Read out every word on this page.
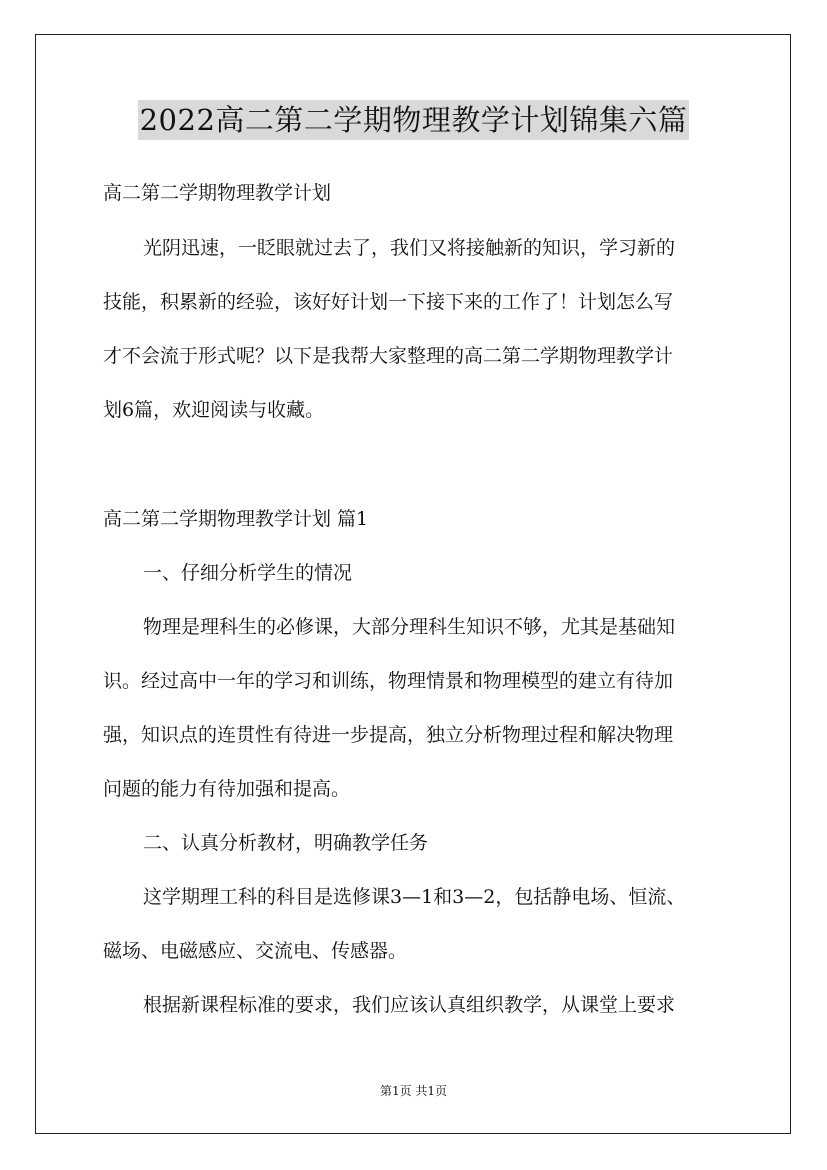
2022高二第二学期物理教学计划锦集六篇
高二第二学期物理教学计划
光阴迅速，一眨眼就过去了，我们又将接触新的知识，学习新的
技能，积累新的经验，该好好计划一下接下来的工作了！计划怎么写
才不会流于形式呢？以下是我帮大家整理的高二第二学期物理教学计
划6篇，欢迎阅读与收藏。
高二第二学期物理教学计划 篇1
一、仔细分析学生的情况
物理是理科生的必修课，大部分理科生知识不够，尤其是基础知
识。经过高中一年的学习和训练，物理情景和物理模型的建立有待加
强，知识点的连贯性有待进一步提高，独立分析物理过程和解决物理
问题的能力有待加强和提高。
二、认真分析教材，明确教学任务
这学期理工科的科目是选修课3—1和3—2，包括静电场、恒流、
磁场、电磁感应、交流电、传感器。
根据新课程标准的要求，我们应该认真组织教学，从课堂上要求
第1页 共1页
